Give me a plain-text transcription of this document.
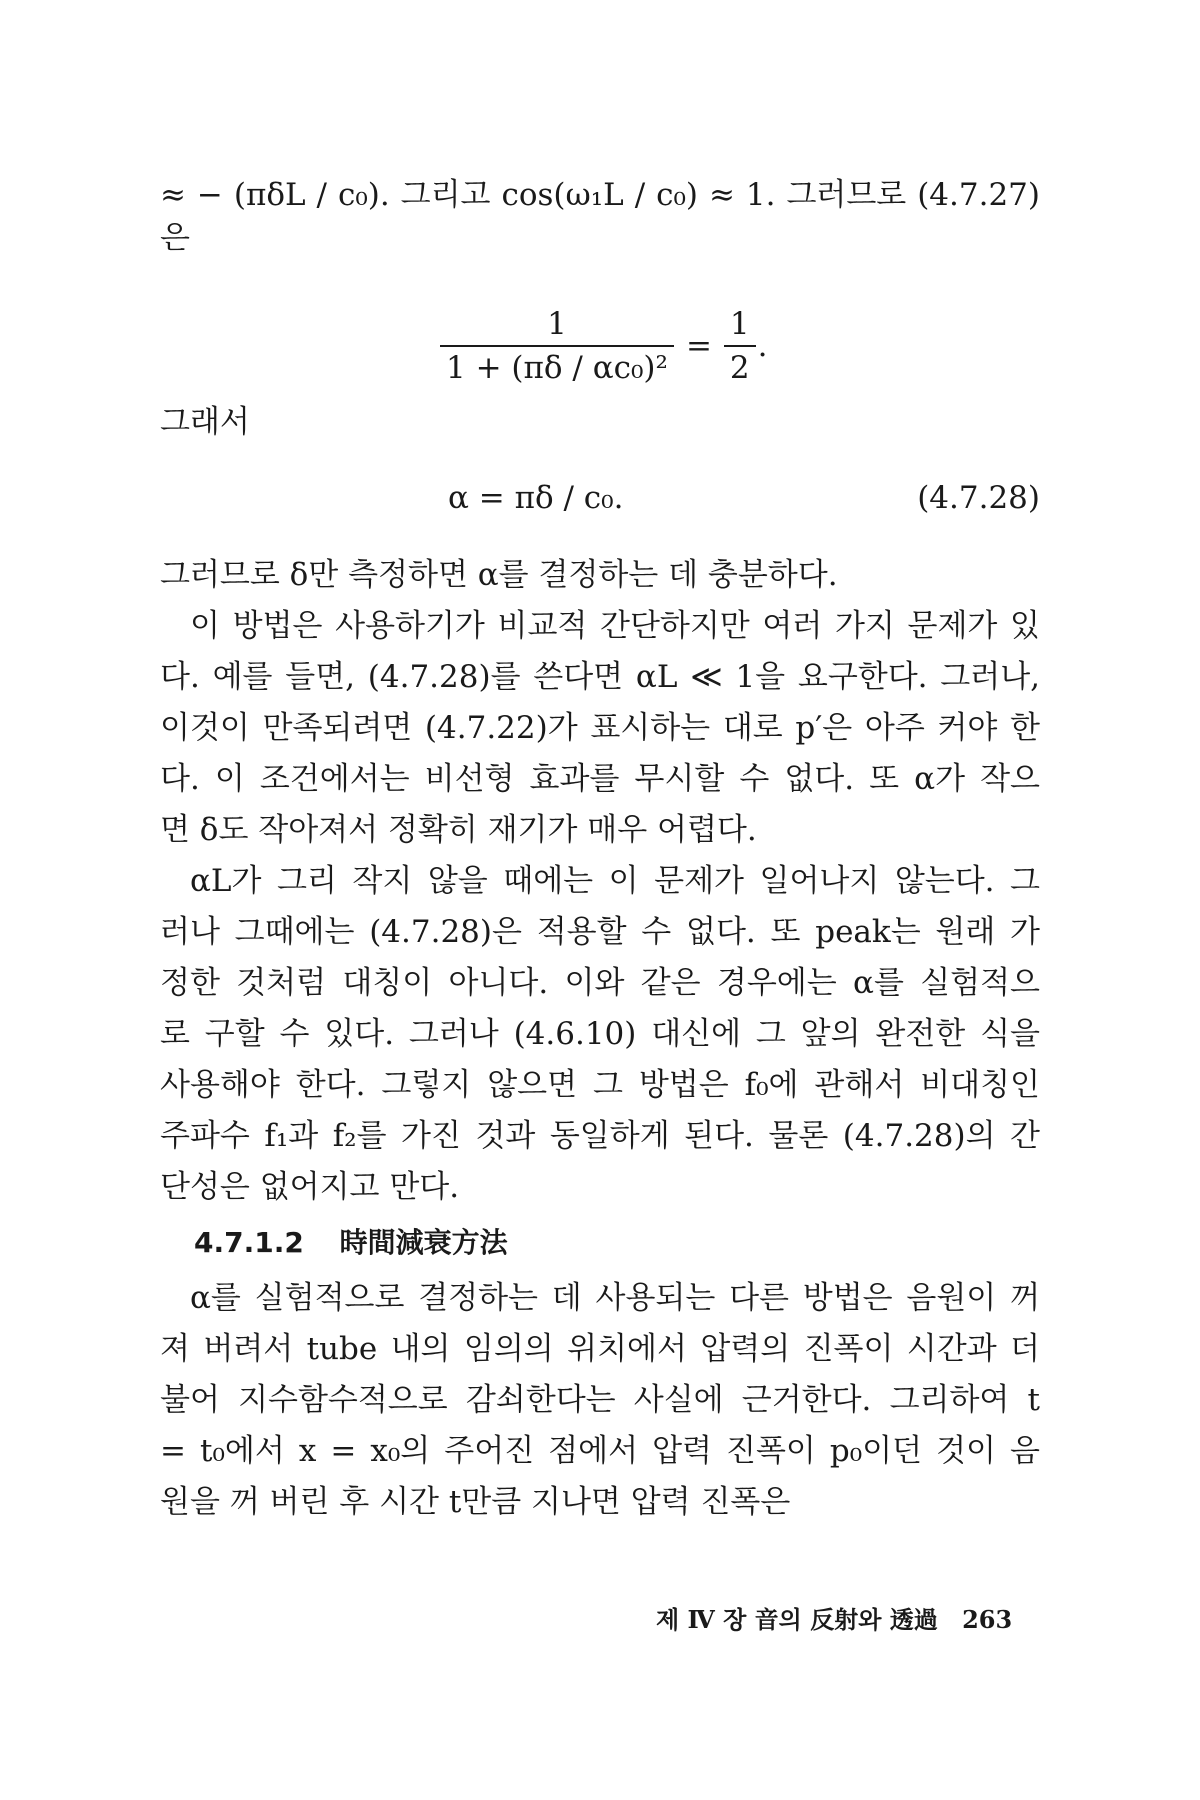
≈ − (πδL / c₀). 그리고 cos(ω₁L / c₀) ≈ 1. 그러므로 (4.7.27)
은
$\frac{1}{\text{1 + (πδ / αc₀)²}} = \frac{1}{2}$ .
그래서
α = πδ / c₀.	(4.7.28)
그러므로 δ만 측정하면 α를 결정하는 데 충분하다.
이 방법은 사용하기가 비교적 간단하지만 여러 가지 문제가 있
다. 예를 들면, (4.7.28)를 쓴다면 αL ≪ 1을 요구한다. 그러나,
이것이 만족되려면 (4.7.22)가 표시하는 대로 p′은 아주 커야 한
다. 이 조건에서는 비선형 효과를 무시할 수 없다. 또 α가 작으
면 δ도 작아져서 정확히 재기가 매우 어렵다.
αL가 그리 작지 않을 때에는 이 문제가 일어나지 않는다. 그
러나 그때에는 (4.7.28)은 적용할 수 없다. 또 peak는 원래 가
정한 것처럼 대칭이 아니다. 이와 같은 경우에는 α를 실험적으
로 구할 수 있다. 그러나 (4.6.10) 대신에 그 앞의 완전한 식을
사용해야 한다. 그렇지 않으면 그 방법은 f₀에 관해서 비대칭인
주파수 f₁과 f₂를 가진 것과 동일하게 된다. 물론 (4.7.28)의 간
단성은 없어지고 만다.
4.7.1.2 時間減衰方法
α를 실험적으로 결정하는 데 사용되는 다른 방법은 음원이 꺼
져 버려서 tube 내의 임의의 위치에서 압력의 진폭이 시간과 더
불어 지수함수적으로 감쇠한다는 사실에 근거한다. 그리하여 t
= t₀에서 x = x₀의 주어진 점에서 압력 진폭이 p₀이던 것이 음
원을 꺼 버린 후 시간 t만큼 지나면 압력 진폭은
제 Ⅳ 장 音의 反射와 透過 263
